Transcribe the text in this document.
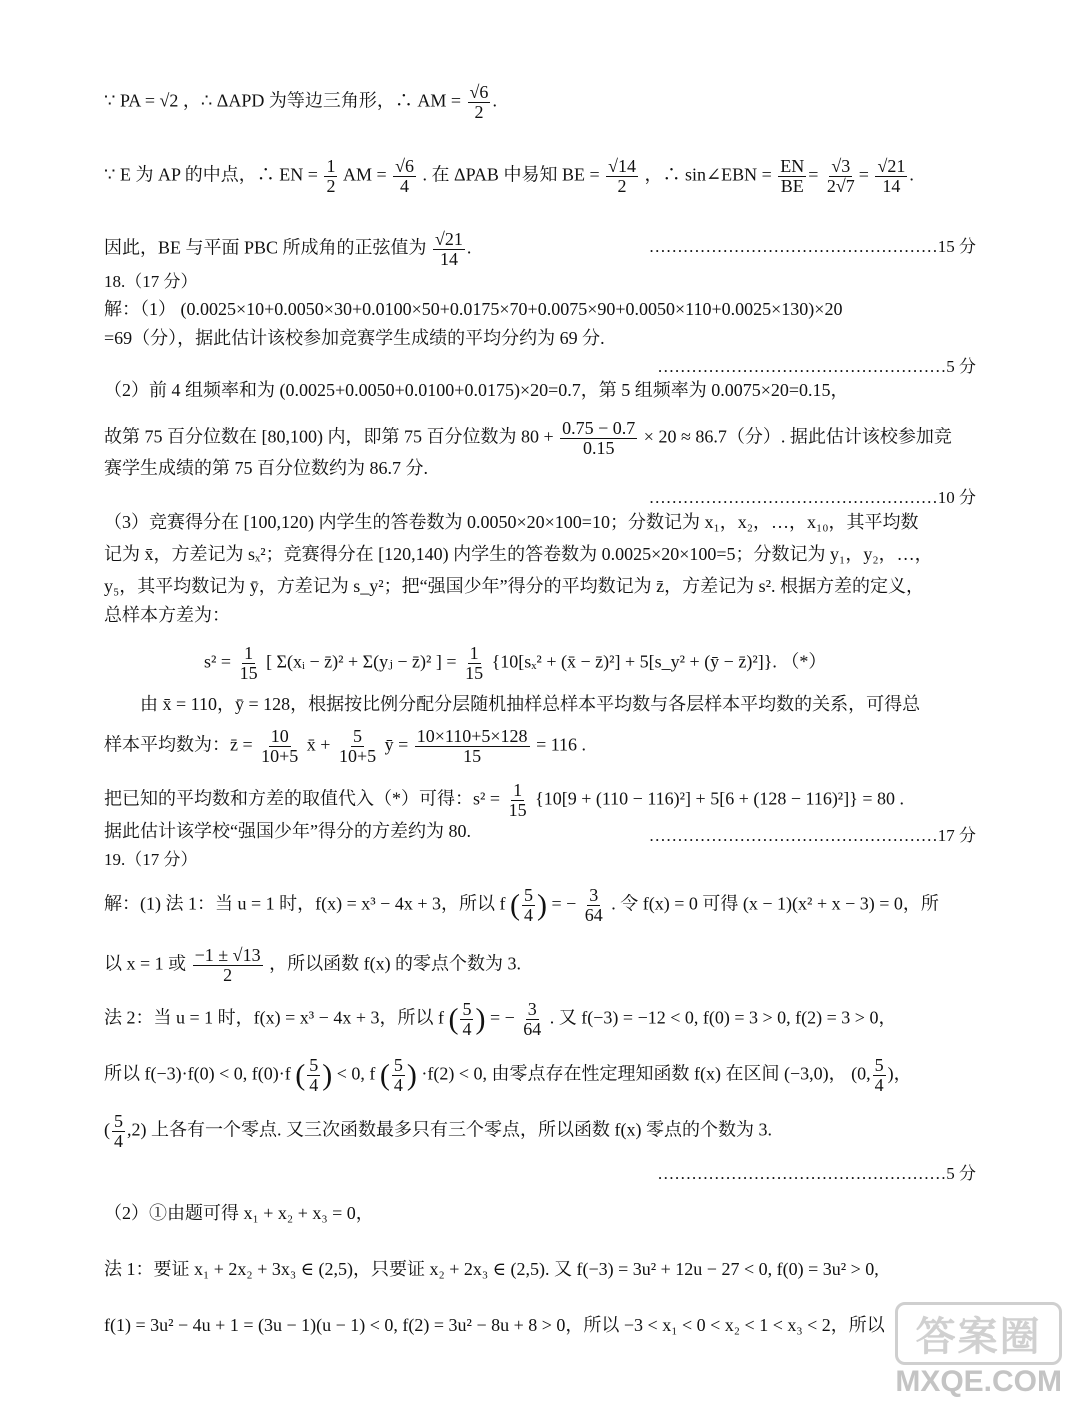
∵ PA = √2 ，∴ ΔAPD 为等边三角形，∴ AM = $\frac{√6}{2}$ .
∵ E 为 AP 的中点，∴ EN = $\frac{1}{2}$ AM = $\frac{√6}{4}$ . 在 ΔPAB 中易知 BE = $\frac{√14}{2}$ ，∴ sin∠EBN = $\frac{EN}{BE} = \frac{√3}{2√7} = \frac{√21}{14}$ .
因此，BE 与平面 PBC 所成角的正弦值为 $\frac{√21}{14}$ .	……………………………………………15 分
18.（17 分）
解：（1） (0.0025×10+0.0050×30+0.0100×50+0.0175×70+0.0075×90+0.0050×110+0.0025×130)×20
=69（分），据此估计该校参加竞赛学生成绩的平均分约为 69 分.
……………………………………………5 分
（2）前 4 组频率和为 (0.0025+0.0050+0.0100+0.0175)×20=0.7，第 5 组频率为 0.0075×20=0.15，
故第 75 百分位数在 [80,100) 内，即第 75 百分位数为 $80 + \frac{0.75 - 0.7}{0.15} \times 20 \approx 86.7$（分）. 据此估计该校参加竞
赛学生成绩的第 75 百分位数约为 86.7 分.
……………………………………………10 分
（3）竞赛得分在 [100,120) 内学生的答卷数为 0.0050×20×100=10；分数记为 x₁，x₂，…，x₁₀，其平均数
记为 x̄，方差记为 sₓ²；竞赛得分在 [120,140) 内学生的答卷数为 0.0025×20×100=5；分数记为 y₁，y₂，…，
y₅，其平均数记为 ȳ，方差记为 s_y²；把“强国少年”得分的平均数记为 z̄，方差记为 s². 根据方差的定义，
总样本方差为：
$s^2 = \frac{1}{15}$ [ Σ(xᵢ − z̄)² + Σ(yⱼ − z̄)² ] = $\frac{1}{15} \{10[s_x^2$ + (x̄ − z̄)²] + 5[s_y² + (ȳ − z̄)²]}. （*）
由 x̄ = 110，ȳ = 128，根据按比例分配分层随机抽样总样本平均数与各层样本平均数的关系，可得总
样本平均数为：z̄ = $\frac{10}{10+5}$ x̄ + $\frac{5}{10+5}$ ȳ = $\frac{10\times 110+5\times 128}{15} = 116$ .
把已知的平均数和方差的取值代入（*）可得：$s^2 = \frac{1}{15} \{10[9 + (110 - 116)^2] + 5[6 + (128 - 116)^2]\} = 80$ .
据此估计该学校“强国少年”得分的方差约为 80.	……………………………………………17 分
19.（17 分）
解：(1) 法 1：当 u = 1 时，f(x) = x³ − 4x + 3，所以 f ( $\frac{5}{4}$ ) = − $\frac{3}{64}$ . 令 f(x) = 0 可得 (x − 1)(x² + x − 3) = 0，所
以 x = 1 或 $\frac{-1 \pm √13}{2}$ ，所以函数 f(x) 的零点个数为 3.
法 2：当 u = 1 时，f(x) = x³ − 4x + 3，所以 f ( $\frac{5}{4}$ ) = − $\frac{3}{64}$ . 又 f(−3) = −12 < 0, f(0) = 3 > 0, f(2) = 3 > 0，
所以 f(−3)·f(0) < 0, f(0)·f ( $\frac{5}{4}$ ) < 0, f ( $\frac{5}{4}$ ) ·f(2) < 0, 由零点存在性定理知函数 f(x) 在区间 (−3,0)， (0, $\frac{5}{4}$ )，
( $\frac{5}{4} ,2$) 上各有一个零点. 又三次函数最多只有三个零点，所以函数 f(x) 零点的个数为 3.
……………………………………………5 分
（2）①由题可得 x₁ + x₂ + x₃ = 0，
法 1：要证 x₁ + 2x₂ + 3x₃ ∈ (2,5)，只要证 x₂ + 2x₃ ∈ (2,5). 又 f(−3) = 3u² + 12u − 27 < 0, f(0) = 3u² > 0,
f(1) = 3u² − 4u + 1 = (3u − 1)(u − 1) < 0, f(2) = 3u² − 8u + 8 > 0，所以 −3 < x₁ < 0 < x₂ < 1 < x₃ < 2，所以 答案圈
MXQE.COM
